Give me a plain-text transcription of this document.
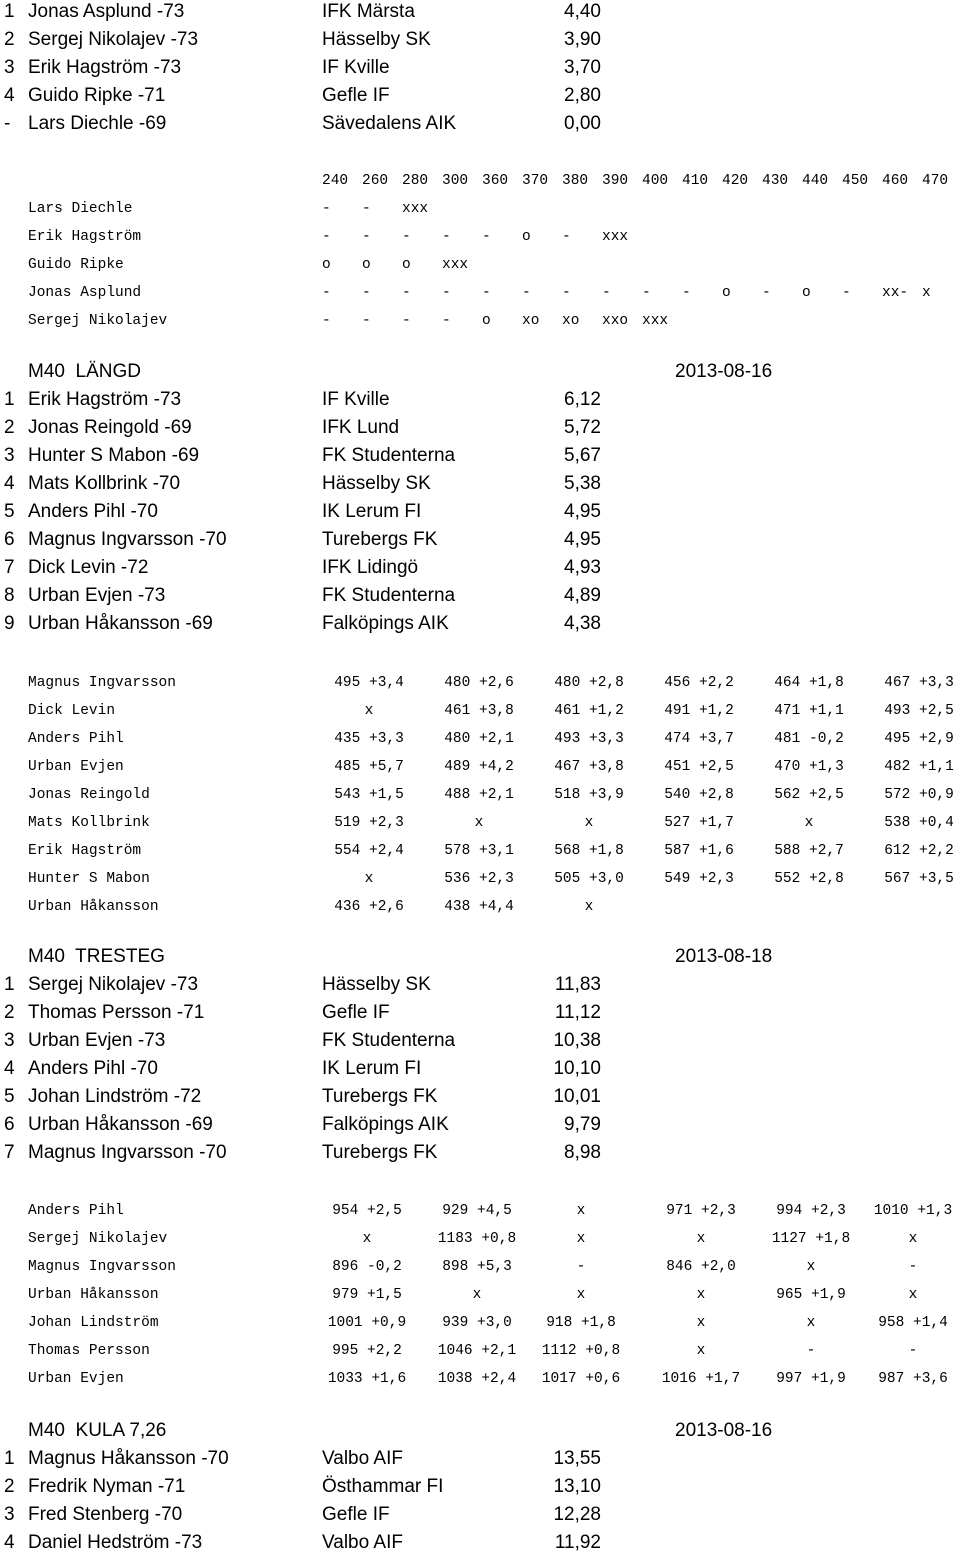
1 Jonas Asplund -73	IFK Märsta	4,40
2 Sergej Nikolajev -73	Hässelby SK	3,90
3 Erik Hagström -73	IF Kville	3,70
4 Guido Ripke -71	Gefle IF	2,80
- Lars Diechle -69	Sävedalens AIK	0,00
240 260 280 300 360 370 380 390 400 410 420 430 440 450 460 470
Lars Diechle	- - xxx
Erik Hagström	- - - - - o - xxx
Guido Ripke	o o o xxx
Jonas Asplund	- - - - - - - - - - o - o - xx- x
Sergej Nikolajev	- - - - o xo xo xxo xxx
M40  LÄNGD	2013-08-16
1 Erik Hagström -73	IF Kville	6,12
2 Jonas Reingold -69	IFK Lund	5,72
3 Hunter S Mabon -69	FK Studenterna	5,67
4 Mats Kollbrink -70	Hässelby SK	5,38
5 Anders Pihl -70	IK Lerum FI	4,95
6 Magnus Ingvarsson -70	Turebergs FK	4,95
7 Dick Levin -72	IFK Lidingö	4,93
8 Urban Evjen -73	FK Studenterna	4,89
9 Urban Håkansson -69	Falköpings AIK	4,38
Magnus Ingvarsson	495 +3,4	480 +2,6	480 +2,8	456 +2,2	464 +1,8	467 +3,3
Dick Levin	x	461 +3,8	461 +1,2	491 +1,2	471 +1,1	493 +2,5
Anders Pihl	435 +3,3	480 +2,1	493 +3,3	474 +3,7	481 -0,2	495 +2,9
Urban Evjen	485 +5,7	489 +4,2	467 +3,8	451 +2,5	470 +1,3	482 +1,1
Jonas Reingold	543 +1,5	488 +2,1	518 +3,9	540 +2,8	562 +2,5	572 +0,9
Mats Kollbrink	519 +2,3	x	x	527 +1,7	x	538 +0,4
Erik Hagström	554 +2,4	578 +3,1	568 +1,8	587 +1,6	588 +2,7	612 +2,2
Hunter S Mabon	x	536 +2,3	505 +3,0	549 +2,3	552 +2,8	567 +3,5
Urban Håkansson	436 +2,6	438 +4,4	x
M40  TRESTEG	2013-08-18
1 Sergej Nikolajev -73	Hässelby SK	11,83
2 Thomas Persson -71	Gefle IF	11,12
3 Urban Evjen -73	FK Studenterna	10,38
4 Anders Pihl -70	IK Lerum FI	10,10
5 Johan Lindström -72	Turebergs FK	10,01
6 Urban Håkansson -69	Falköpings AIK	9,79
7 Magnus Ingvarsson -70	Turebergs FK	8,98
Anders Pihl	954 +2,5	929 +4,5	x	971 +2,3	994 +2,3	1010 +1,3
Sergej Nikolajev	x	1183 +0,8	x	x	1127 +1,8	x
Magnus Ingvarsson	896 -0,2	898 +5,3	-	846 +2,0	x	-
Urban Håkansson	979 +1,5	x	x	x	965 +1,9	x
Johan Lindström	1001 +0,9	939 +3,0	918 +1,8	x	x	958 +1,4
Thomas Persson	995 +2,2	1046 +2,1	1112 +0,8	x	-	-
Urban Evjen	1033 +1,6	1038 +2,4	1017 +0,6	1016 +1,7	997 +1,9	987 +3,6
M40  KULA 7,26	2013-08-16
1 Magnus Håkansson -70	Valbo AIF	13,55
2 Fredrik Nyman -71	Östhammar FI	13,10
3 Fred Stenberg -70	Gefle IF	12,28
4 Daniel Hedström -73	Valbo AIF	11,92
